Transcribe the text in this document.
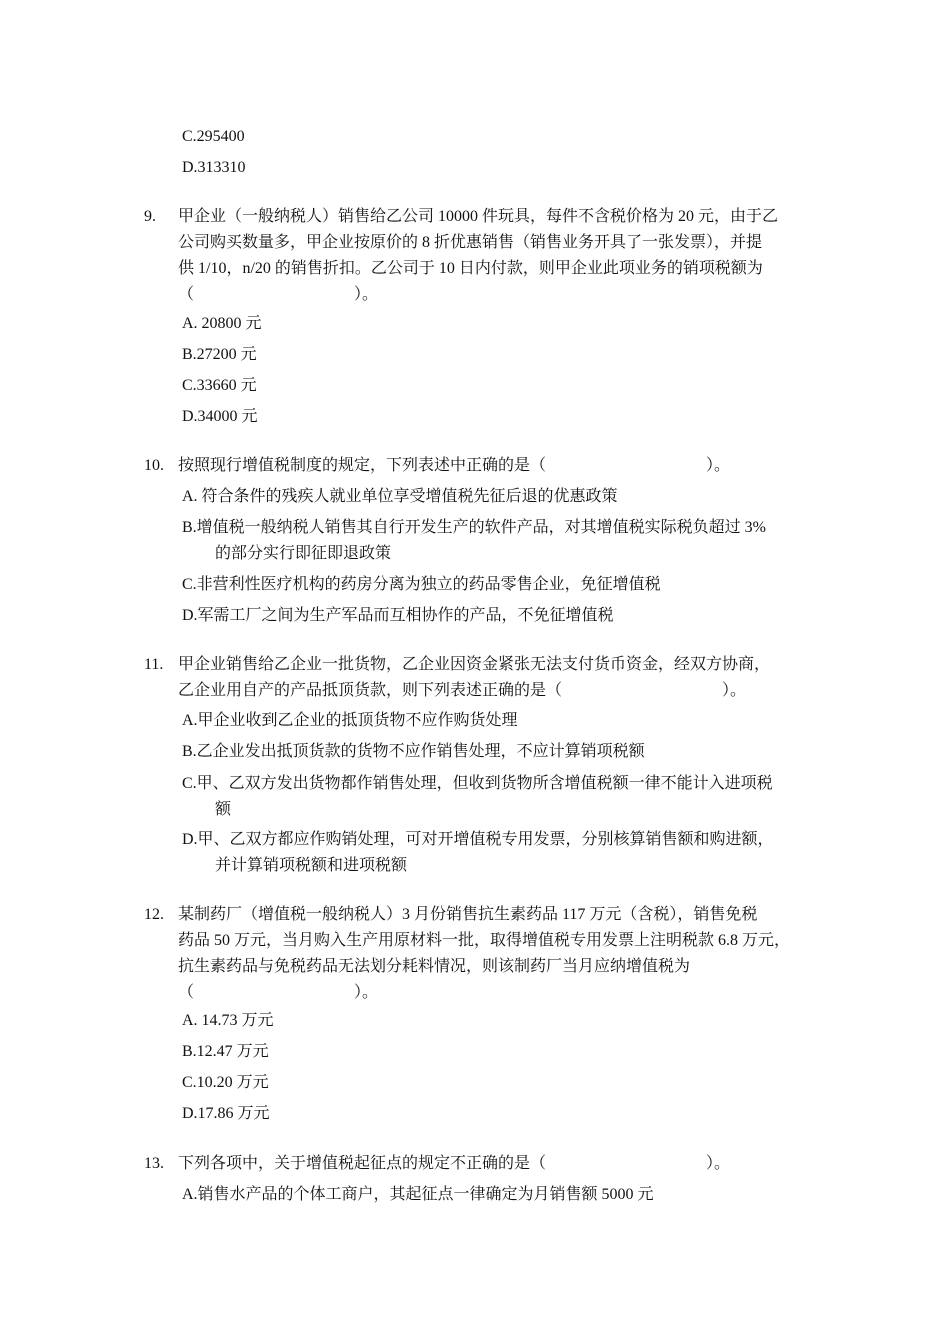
C.295400
D.313310
9. 甲企业（一般纳税人）销售给乙公司 10000 件玩具，每件不含税价格为 20 元，由于乙
公司购买数量多，甲企业按原价的 8 折优惠销售（销售业务开具了一张发票），并提
供 1/10，n/20 的销售折扣。乙公司于 10 日内付款，则甲企业此项业务的销项税额为
（　　　　　　　　　　）。
A. 20800 元
B.27200 元
C.33660 元
D.34000 元
10. 按照现行增值税制度的规定，下列表述中正确的是（　　　　　　　　　　）。
A. 符合条件的残疾人就业单位享受增值税先征后退的优惠政策
B.增值税一般纳税人销售其自行开发生产的软件产品，对其增值税实际税负超过 3%
的部分实行即征即退政策
C.非营利性医疗机构的药房分离为独立的药品零售企业，免征增值税
D.军需工厂之间为生产军品而互相协作的产品，不免征增值税
11. 甲企业销售给乙企业一批货物，乙企业因资金紧张无法支付货币资金，经双方协商，
乙企业用自产的产品抵顶货款，则下列表述正确的是（　　　　　　　　　　）。
A.甲企业收到乙企业的抵顶货物不应作购货处理
B.乙企业发出抵顶货款的货物不应作销售处理，不应计算销项税额
C.甲、乙双方发出货物都作销售处理，但收到货物所含增值税额一律不能计入进项税
额
D.甲、乙双方都应作购销处理，可对开增值税专用发票，分别核算销售额和购进额，
并计算销项税额和进项税额
12. 某制药厂（增值税一般纳税人）3 月份销售抗生素药品 117 万元（含税），销售免税
药品 50 万元，当月购入生产用原材料一批，取得增值税专用发票上注明税款 6.8 万元，
抗生素药品与免税药品无法划分耗料情况，则该制药厂当月应纳增值税为
（　　　　　　　　　　）。
A. 14.73 万元
B.12.47 万元
C.10.20 万元
D.17.86 万元
13. 下列各项中，关于增值税起征点的规定不正确的是（　　　　　　　　　　）。
A.销售水产品的个体工商户，其起征点一律确定为月销售额 5000 元
